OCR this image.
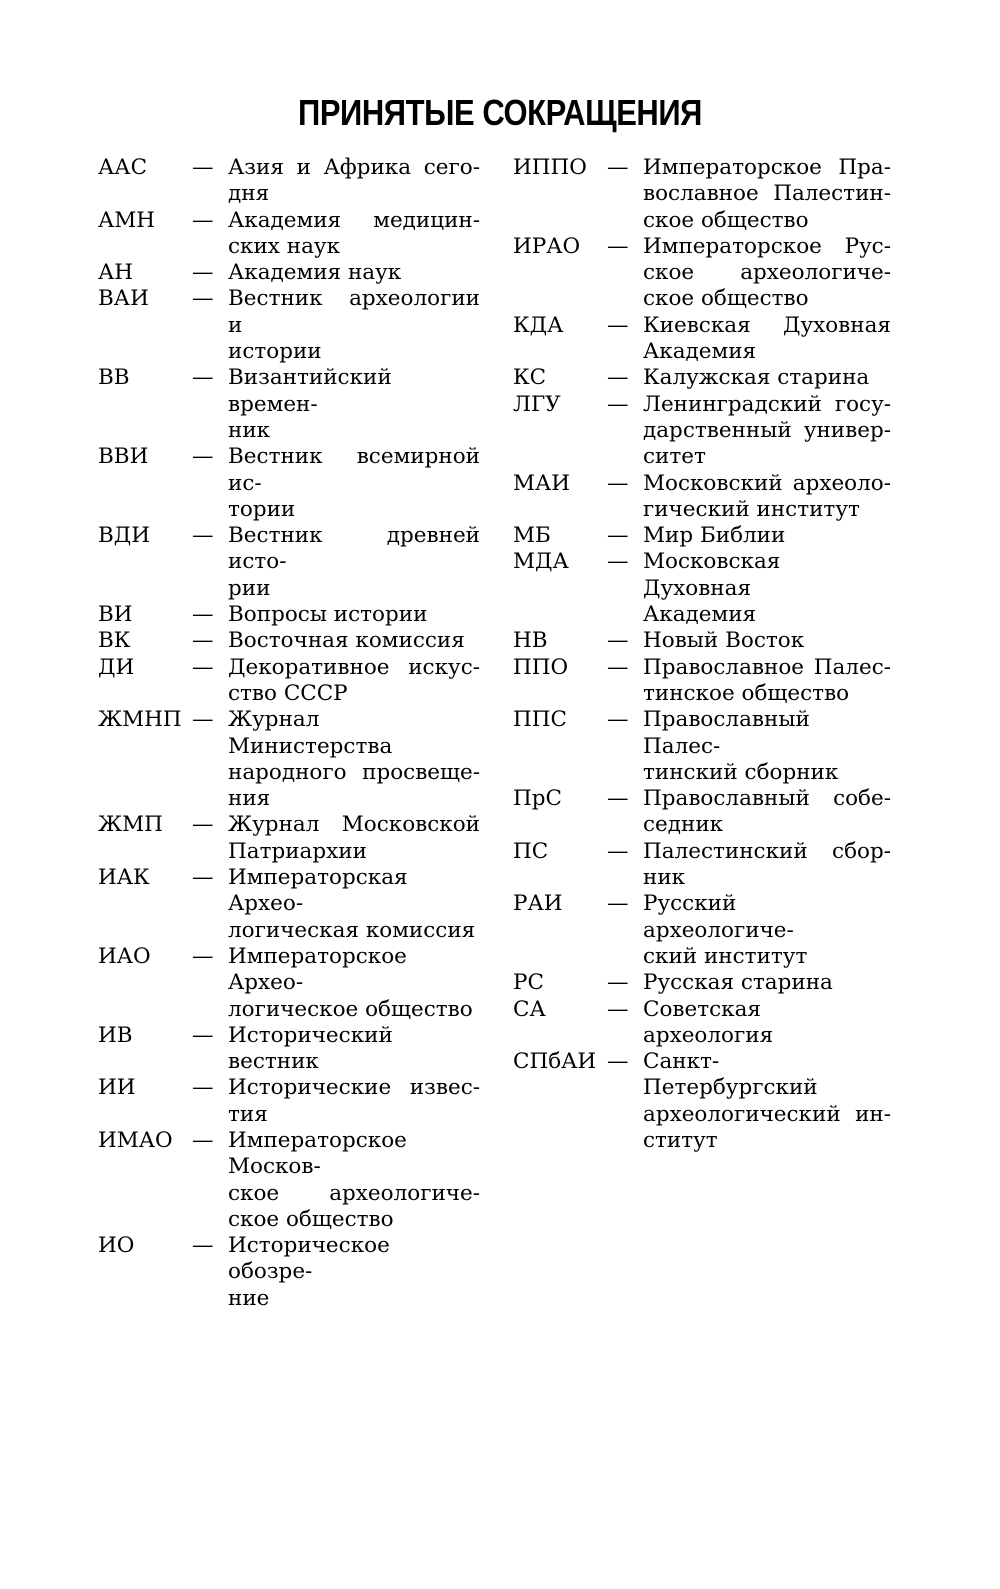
ПРИНЯТЫЕ СОКРАЩЕНИЯ
ААС	— Азия и Африка сего-
дня
АМН	— Академия медицин-
ских наук
АН	— Академия наук
ВАИ	— Вестник археологии и
истории
ВВ	— Византийский времен-
ник
ВВИ	— Вестник всемирной ис-
тории
ВДИ	— Вестник древней исто-
рии
ВИ	— Вопросы истории
ВК	— Восточная комиссия
ДИ	— Декоративное искус-
ство СССР
ЖМНП — Журнал Министерства
народного просвеще-
ния
ЖМП	— Журнал Московской
Патриархии
ИАК	— Императорская Архео-
логическая комиссия
ИАО	— Императорское Архео-
логическое общество
ИВ	— Исторический вестник
ИИ	— Исторические извес-
тия
ИМАО — Императорское Москов-
ское археологиче-
ское общество
ИО	— Историческое обозре-
ние
ИППО — Императорское Пра-
вославное Палестин-
ское общество
ИРАО	— Императорское Рус-
ское археологиче-
ское общество
КДА	— Киевская Духовная
Академия
КС	— Калужская старина
ЛГУ	— Ленинградский госу-
дарственный универ-
ситет
МАИ	— Московский археоло-
гический институт
МБ	— Мир Библии
МДА	— Московская Духовная
Академия
НВ	— Новый Восток
ППО	— Православное Палес-
тинское общество
ППС	— Православный Палес-
тинский сборник
ПрС	— Православный собе-
седник
ПС	— Палестинский сбор-
ник
РАИ	— Русский археологиче-
ский институт
РС	— Русская старина
СА	— Советская археология
СПбАИ — Санкт-Петербургский
археологический ин-
ститут
